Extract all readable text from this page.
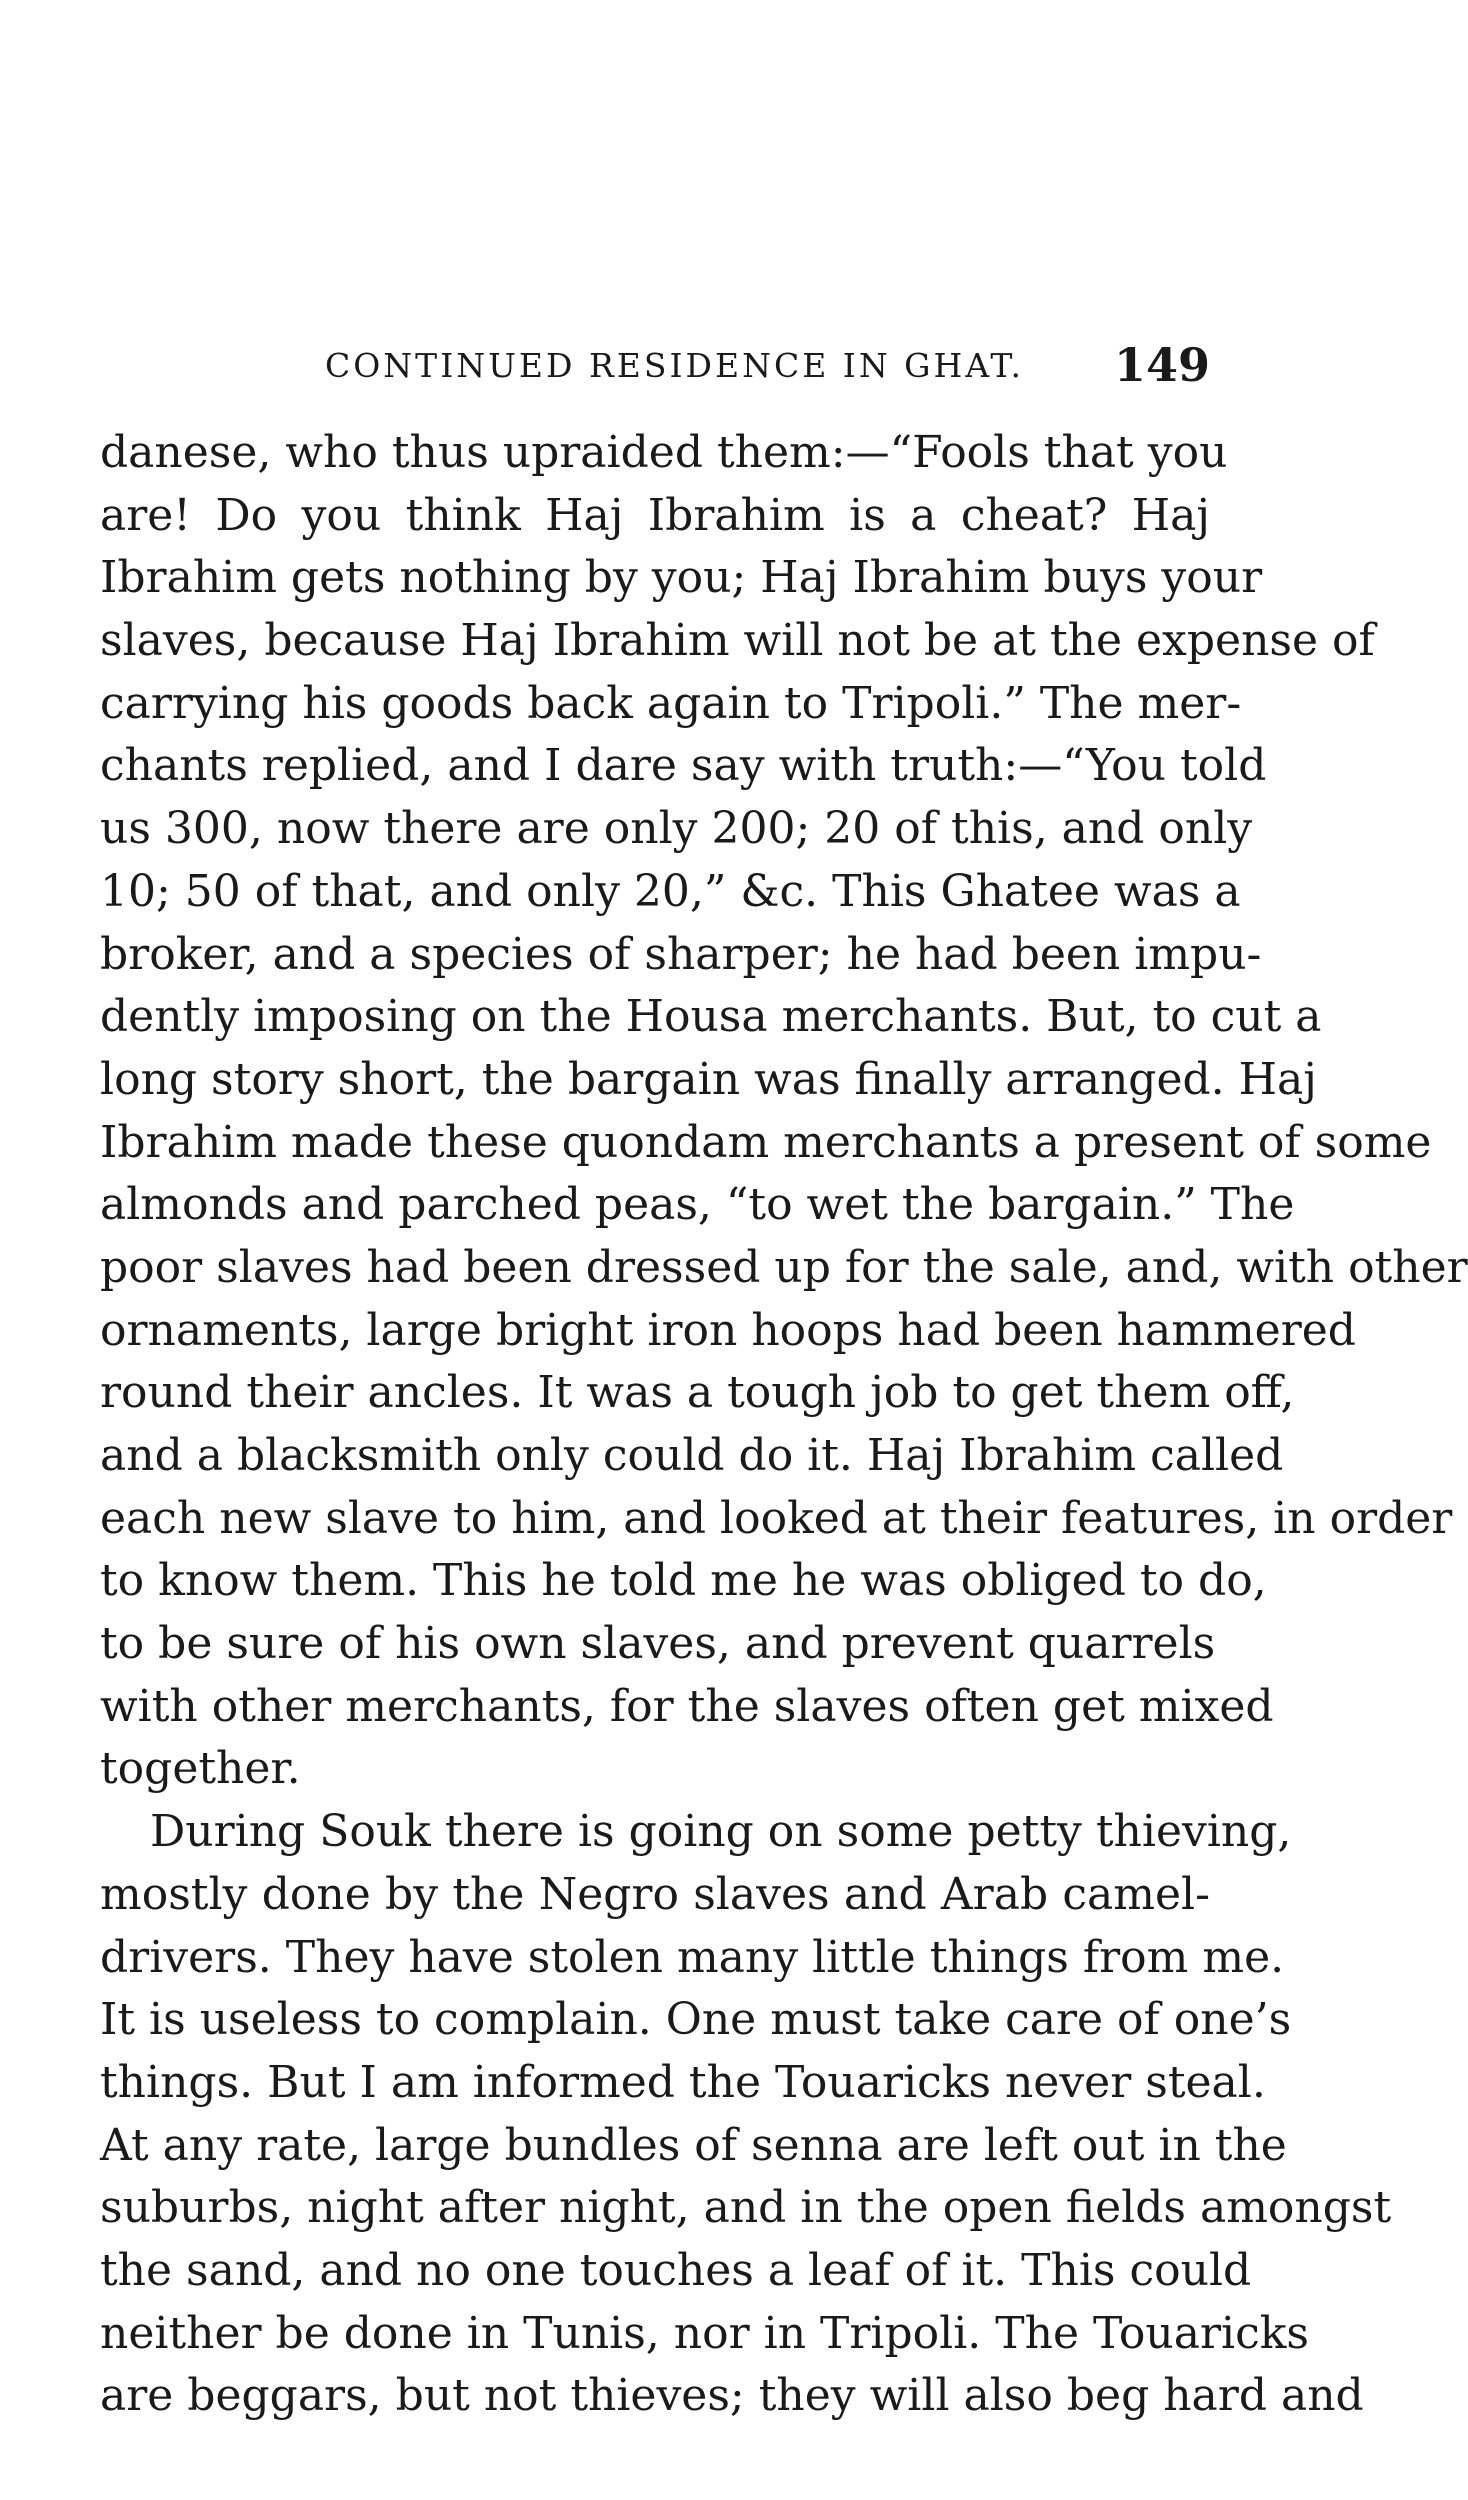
CONTINUED RESIDENCE IN GHAT. 149
danese, who thus upraided them:—“Fools that you
are! Do you think Haj Ibrahim is a cheat? Haj
Ibrahim gets nothing by you; Haj Ibrahim buys your
slaves, because Haj Ibrahim will not be at the expense of
carrying his goods back again to Tripoli.” The mer-
chants replied, and I dare say with truth:—“You told
us 300, now there are only 200; 20 of this, and only
10; 50 of that, and only 20,” &c. This Ghatee was a
broker, and a species of sharper; he had been impu-
dently imposing on the Housa merchants. But, to cut a
long story short, the bargain was finally arranged. Haj
Ibrahim made these quondam merchants a present of some
almonds and parched peas, “to wet the bargain.” The
poor slaves had been dressed up for the sale, and, with other
ornaments, large bright iron hoops had been hammered
round their ancles. It was a tough job to get them off,
and a blacksmith only could do it. Haj Ibrahim called
each new slave to him, and looked at their features, in order
to know them. This he told me he was obliged to do,
to be sure of his own slaves, and prevent quarrels
with other merchants, for the slaves often get mixed
together.
During Souk there is going on some petty thieving,
mostly done by the Negro slaves and Arab camel-
drivers. They have stolen many little things from me.
It is useless to complain. One must take care of one’s
things. But I am informed the Touaricks never steal.
At any rate, large bundles of senna are left out in the
suburbs, night after night, and in the open fields amongst
the sand, and no one touches a leaf of it. This could
neither be done in Tunis, nor in Tripoli. The Touaricks
are beggars, but not thieves; they will also beg hard and
